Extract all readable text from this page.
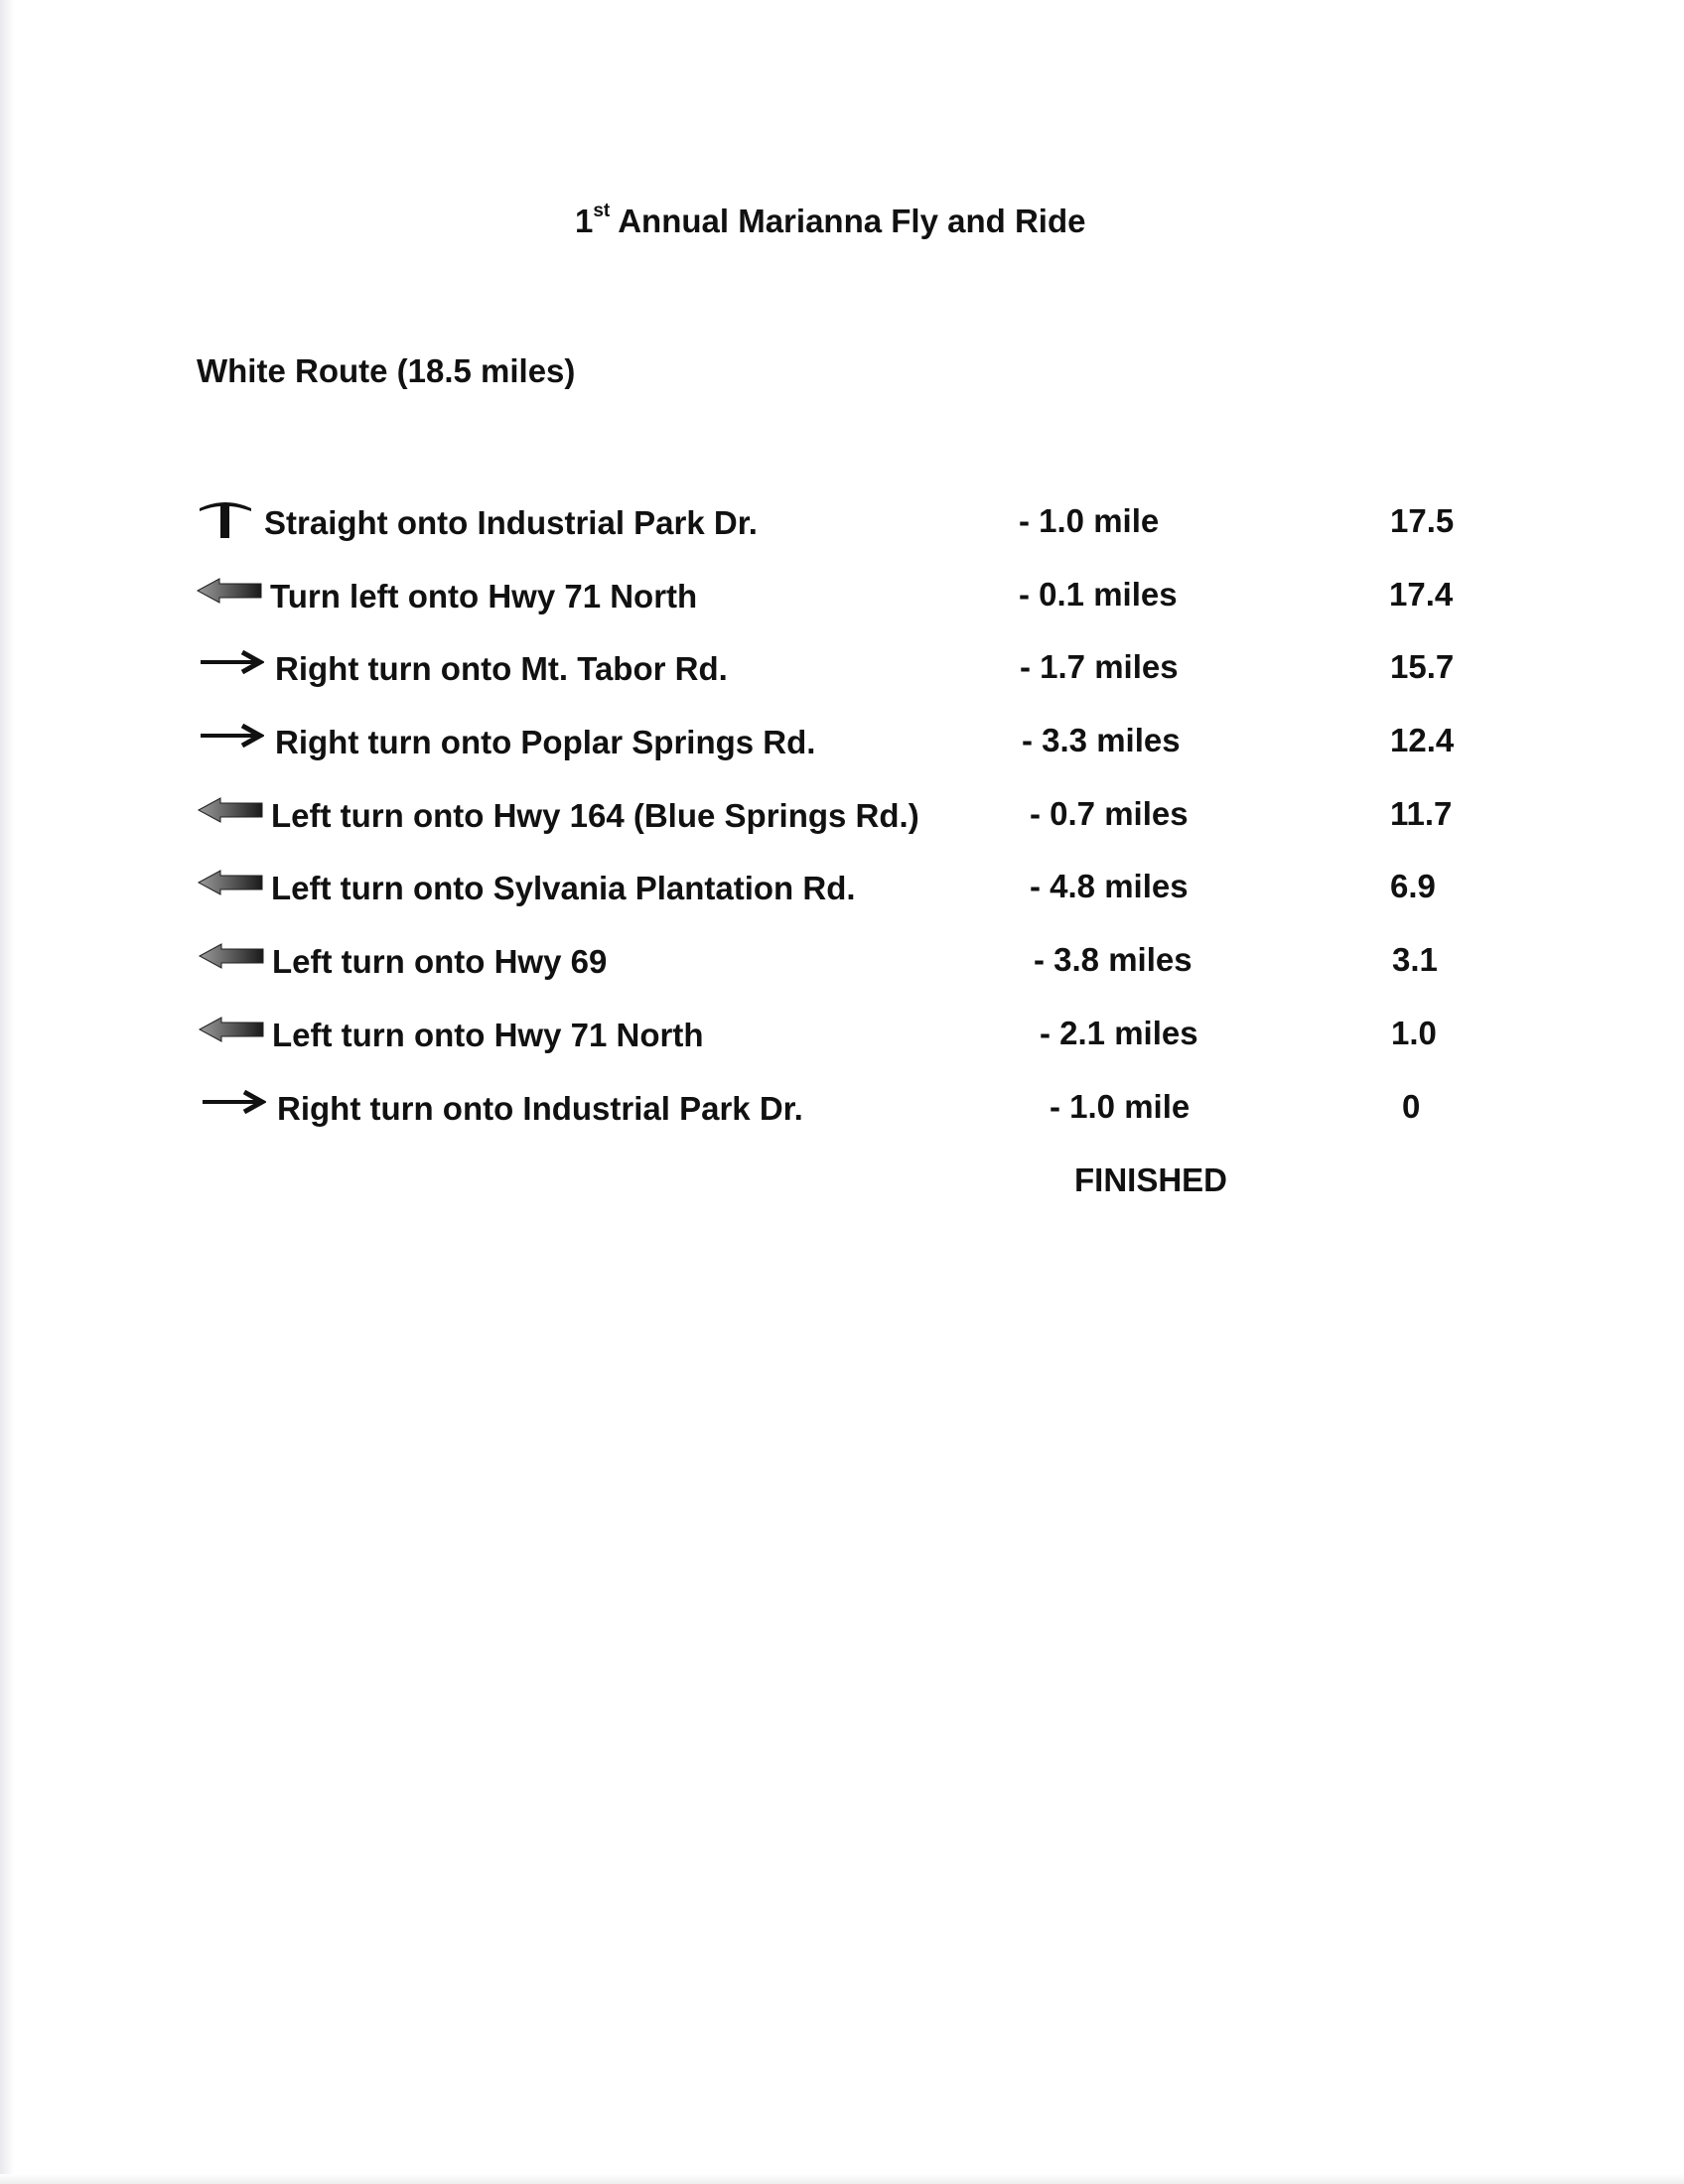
1st Annual Marianna Fly and Ride
White Route (18.5 miles)
Straight onto Industrial Park Dr.	- 1.0 mile	17.5
Turn left onto Hwy 71 North	- 0.1 miles	17.4
Right turn onto Mt. Tabor Rd.	- 1.7 miles	15.7
Right turn onto Poplar Springs Rd.	- 3.3 miles	12.4
Left turn onto Hwy 164 (Blue Springs Rd.)	- 0.7 miles	11.7
Left turn onto Sylvania Plantation Rd.	- 4.8 miles	6.9
Left turn onto Hwy 69	- 3.8 miles	3.1
Left turn onto Hwy 71 North	- 2.1 miles	1.0
Right turn onto Industrial Park Dr.	- 1.0 mile	0
FINISHED
